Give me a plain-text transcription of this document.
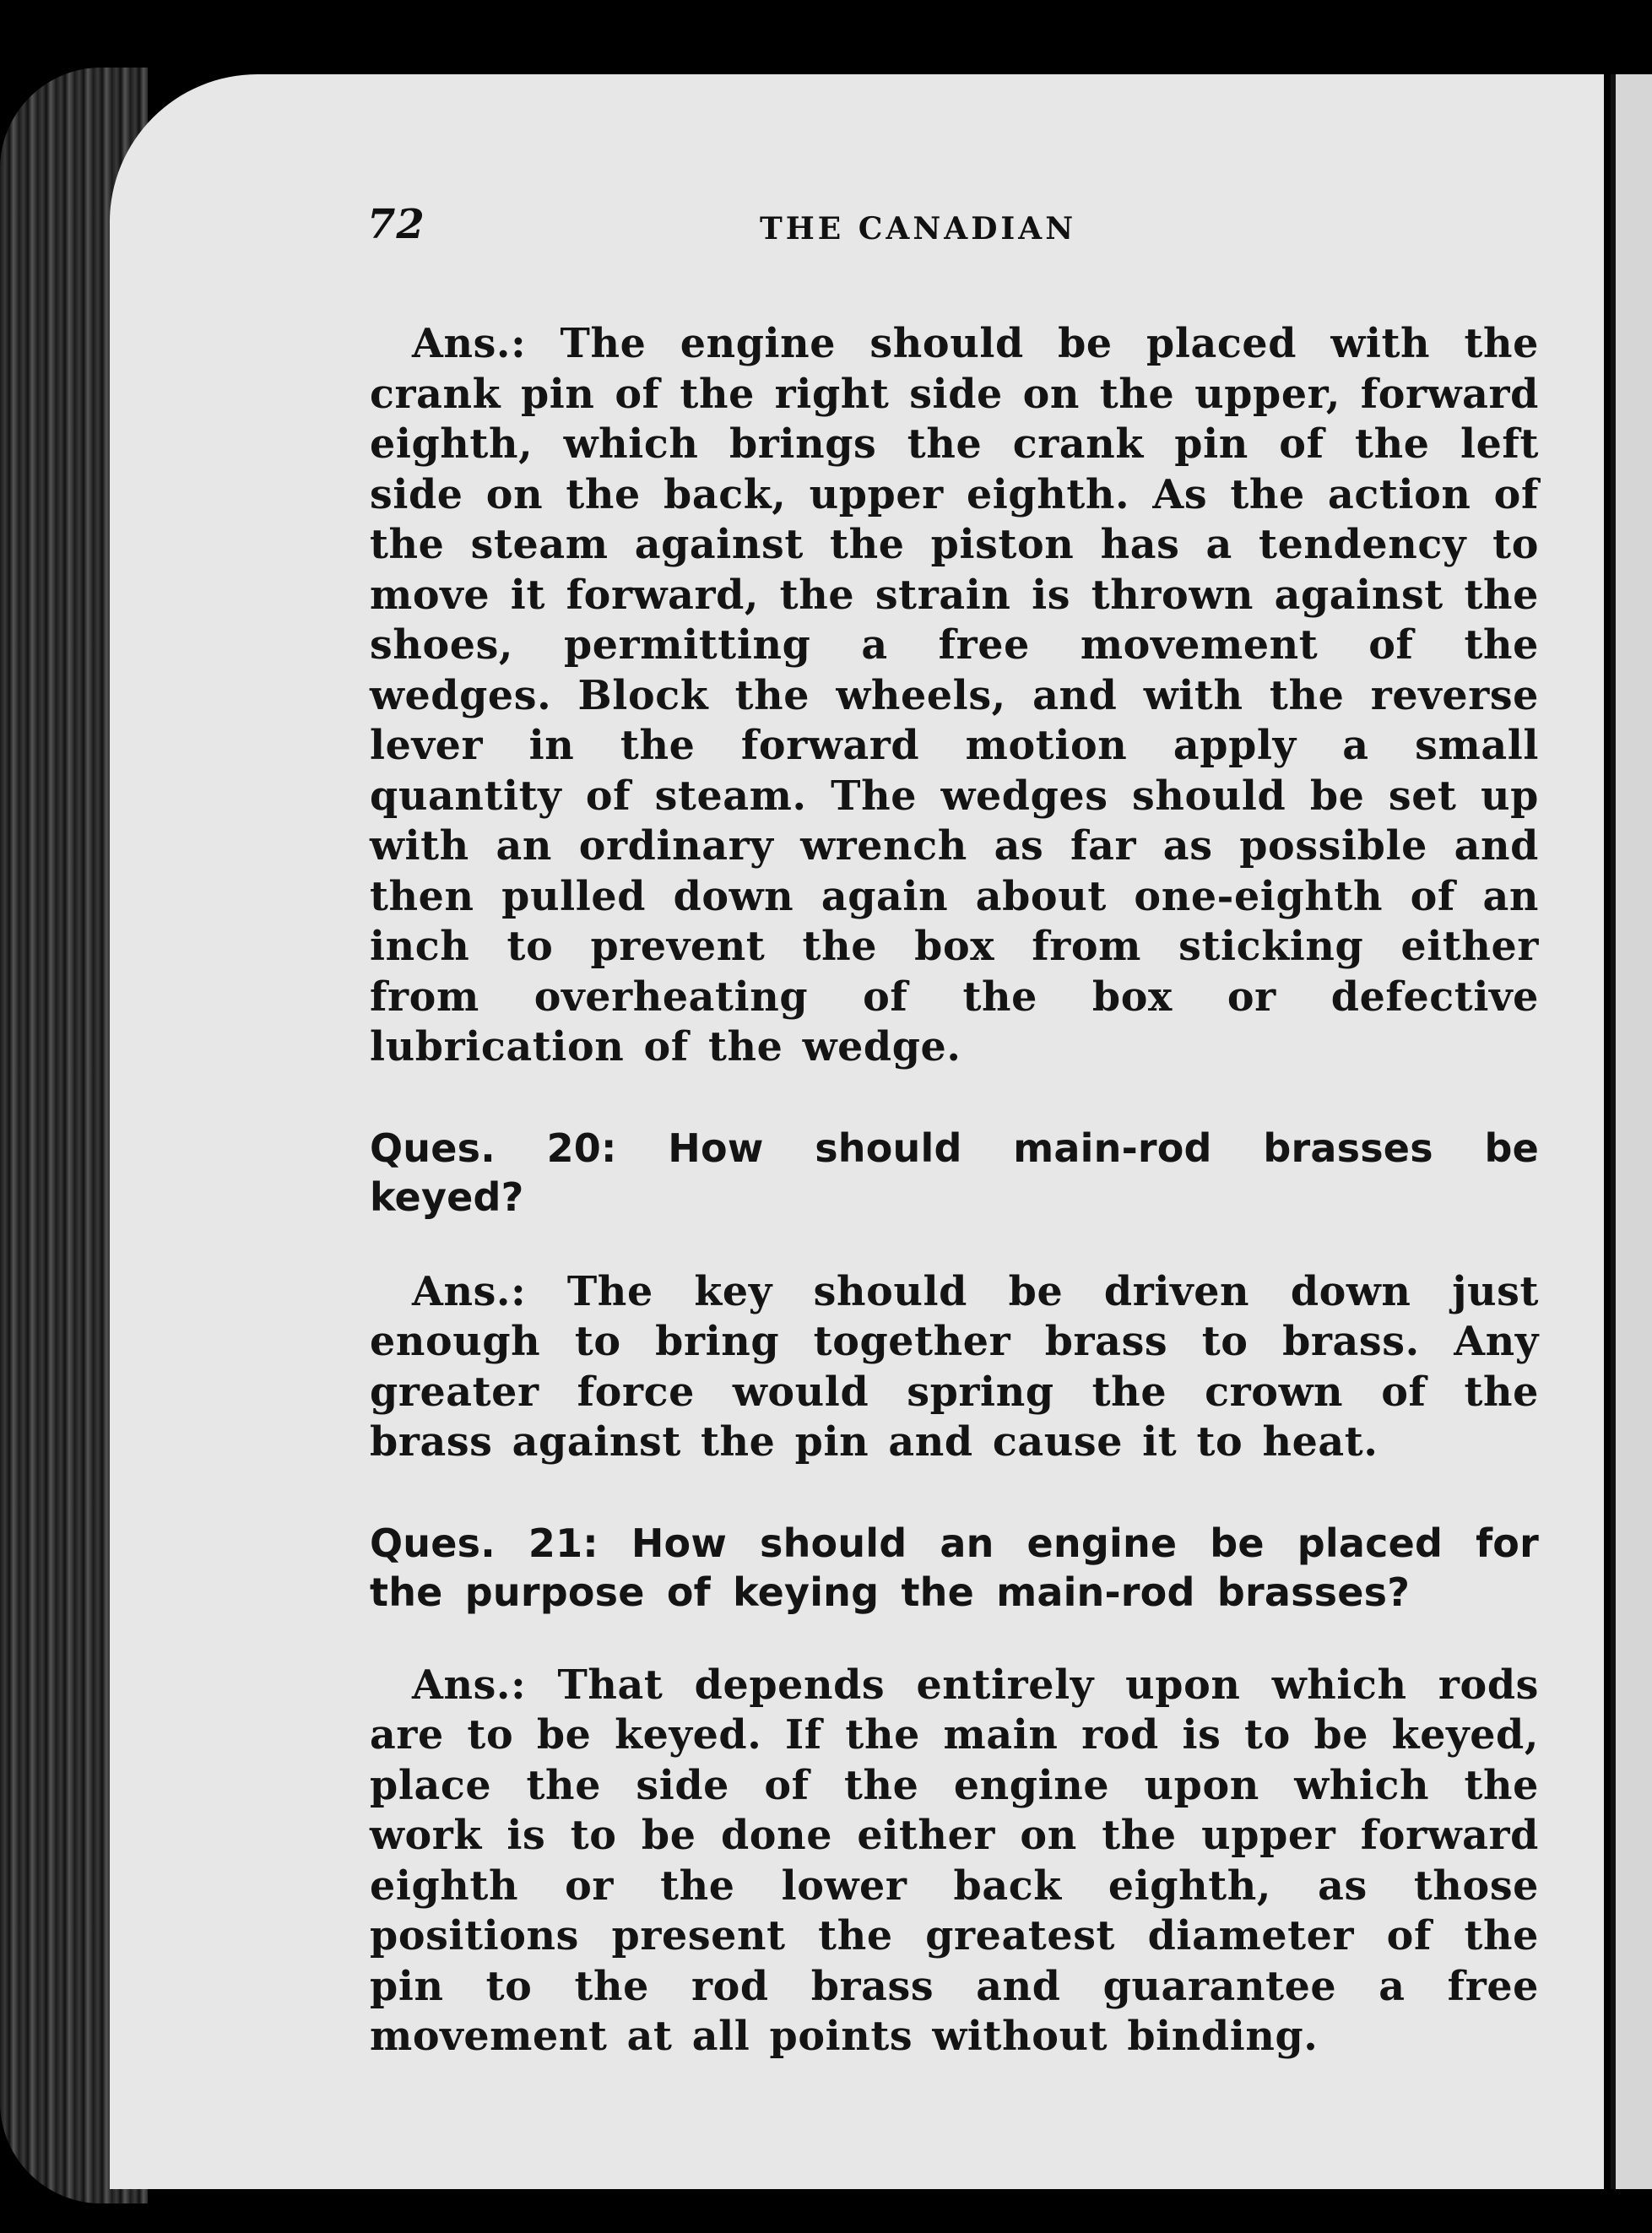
72	THE CANADIAN

Ans.: The engine should be placed with the crank pin of the right side on the upper, forward eighth, which brings the crank pin of the left side on the back, upper eighth. As the action of the steam against the piston has a tendency to move it forward, the strain is thrown against the shoes, permitting a free movement of the wedges. Block the wheels, and with the reverse lever in the forward motion apply a small quantity of steam. The wedges should be set up with an ordinary wrench as far as possible and then pulled down again about one-eighth of an inch to prevent the box from sticking either from overheating of the box or defective lubrication of the wedge.

Ques. 20: How should main-rod brasses be keyed?

Ans.: The key should be driven down just enough to bring together brass to brass. Any greater force would spring the crown of the brass against the pin and cause it to heat.

Ques. 21: How should an engine be placed for the purpose of keying the main-rod brasses?

Ans.: That depends entirely upon which rods are to be keyed. If the main rod is to be keyed, place the side of the engine upon which the work is to be done either on the upper forward eighth or the lower back eighth, as those positions present the greatest diameter of the pin to the rod brass and guarantee a free movement at all points without binding.
